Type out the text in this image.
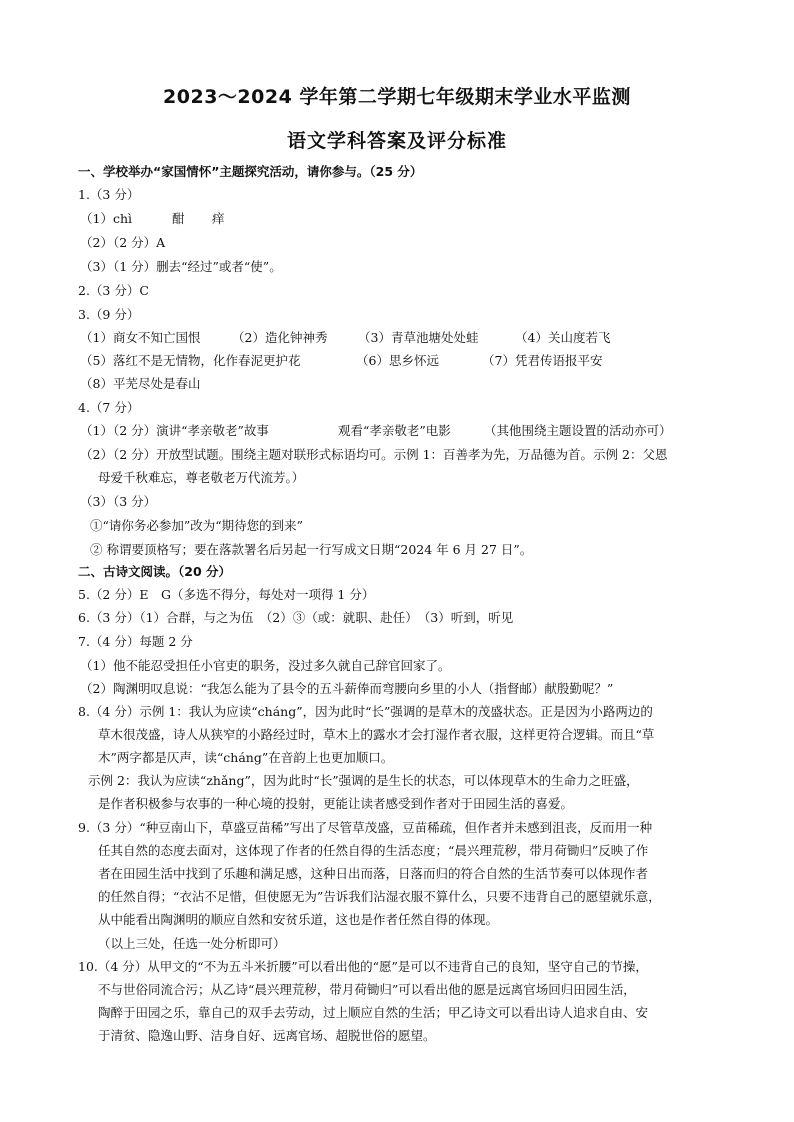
2023～2024 学年第二学期七年级期末学业水平监测
语文学科答案及评分标准
一、学校举办“家国情怀”主题探究活动，请你参与。（25 分）
1.（3 分）
（1）chì	酣 痒
（2）（2 分）A
（3）（1 分）删去“经过”或者“使”。
2.（3 分）C
3.（9 分）
（1）商女不知亡国恨	（2）造化钟神秀 （3）青草池塘处处蛙	（4）关山度若飞
（5）落红不是无情物，化作春泥更护花	（6）思乡怀远	（7）凭君传语报平安
（8）平芜尽处是春山
4.（7 分）
（1）（2 分）演讲“孝亲敬老”故事	观看“孝亲敬老”电影	（其他围绕主题设置的活动亦可）
（2）（2 分）开放型试题。围绕主题对联形式标语均可。示例 1：百善孝为先，万品德为首。示例 2：父恩
母爱千秋难忘，尊老敬老万代流芳。）
（3）（3 分）
①“请你务必参加”改为“期待您的到来”
② 称谓要顶格写；要在落款署名后另起一行写成文日期“2024 年 6 月 27 日”。
二、古诗文阅读。（20 分）
5.（2 分）E　G（多选不得分，每处对一项得 1 分）
6.（3 分）（1）合群，与之为伍　（2）③（或：就职、赴任）　（3）听到，听见
7.（4 分）每题 2 分
（1）他不能忍受担任小官吏的职务，没过多久就自己辞官回家了。
（2）陶渊明叹息说：“我怎么能为了县令的五斗薪俸而弯腰向乡里的小人（指督邮）献殷勤呢？”
8.（4 分）示例 1：我认为应读“cháng”，因为此时“长”强调的是草木的茂盛状态。正是因为小路两边的
草木很茂盛，诗人从狭窄的小路经过时，草木上的露水才会打湿作者衣服，这样更符合逻辑。而且“草
木”两字都是仄声，读“cháng”在音韵上也更加顺口。
示例 2：我认为应读“zhǎng”，因为此时“长”强调的是生长的状态，可以体现草木的生命力之旺盛，
是作者积极参与农事的一种心境的投射，更能让读者感受到作者对于田园生活的喜爱。
9.（3 分）“种豆南山下，草盛豆苗稀”写出了尽管草茂盛，豆苗稀疏，但作者并未感到沮丧，反而用一种
任其自然的态度去面对，这体现了作者的任然自得的生活态度；“晨兴理荒秽，带月荷锄归”反映了作
者在田园生活中找到了乐趣和满足感，这种日出而落，日落而归的符合自然的生活节奏可以体现作者
的任然自得；“衣沾不足惜，但使愿无为”告诉我们沾湿衣服不算什么，只要不违背自己的愿望就乐意，
从中能看出陶渊明的顺应自然和安贫乐道，这也是作者任然自得的体现。
（以上三处，任选一处分析即可）
10.（4 分）从甲文的“不为五斗米折腰”可以看出他的“愿”是可以不违背自己的良知，坚守自己的节操，
不与世俗同流合污；从乙诗“晨兴理荒秽，带月荷锄归”可以看出他的愿是远离官场回归田园生活，
陶醉于田园之乐，靠自己的双手去劳动，过上顺应自然的生活；甲乙诗文可以看出诗人追求自由、安
于清贫、隐逸山野、洁身自好、远离官场、超脱世俗的愿望。
